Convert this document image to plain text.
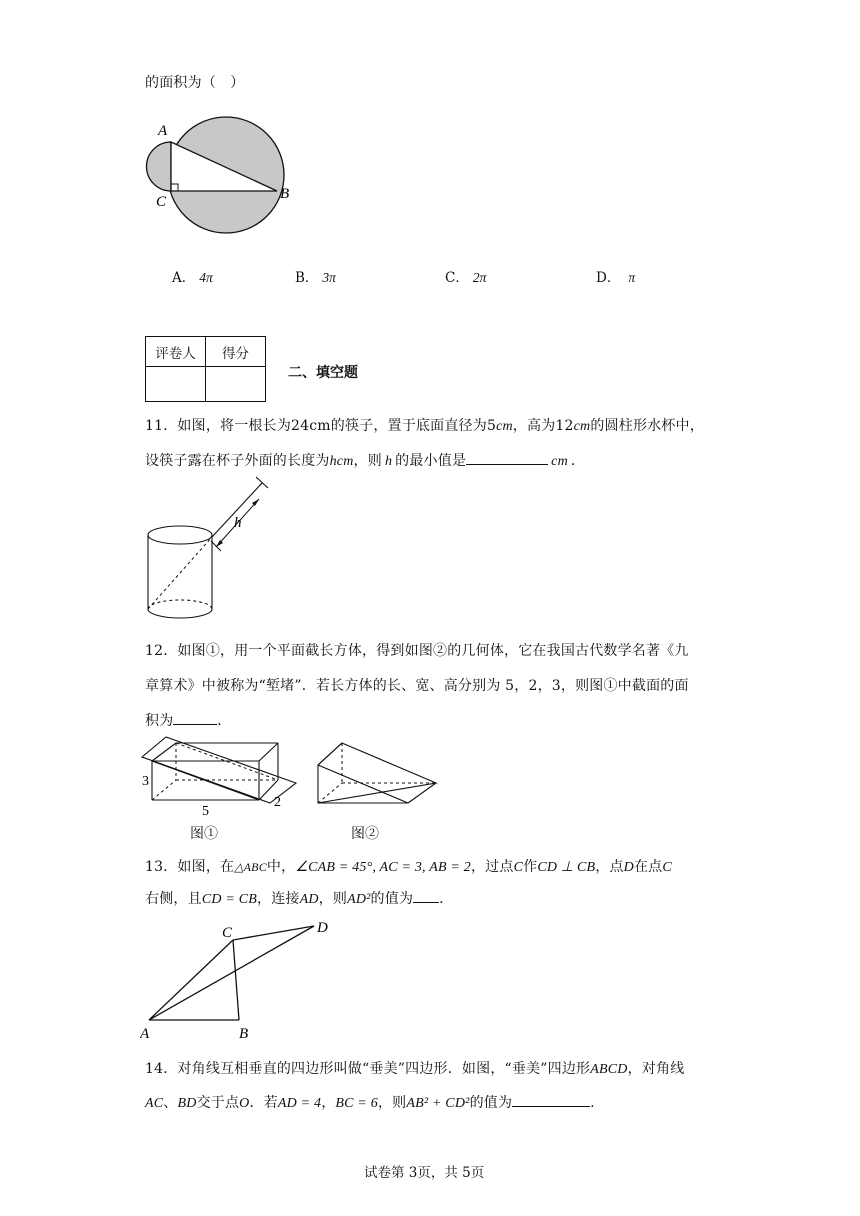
的面积为（　）
A
B
C
A． 4π	B． 3π	C． 2π	D． π
评卷人	得分

二、填空题
11．如图，将一根长为24cm的筷子，置于底面直径为5cm，高为12cm的圆柱形水杯中，
设筷子露在杯子外面的长度为hcm，则 h 的最小值是	cm .
h
12．如图①，用一个平面截长方体，得到如图②的几何体，它在我国古代数学名著《九
章算术》中被称为“堑堵”．若长方体的长、宽、高分别为 5，2，3，则图①中截面的面
积为	．
3
5
2
图①	图②
13．如图，在△ABC中，∠CAB = 45°, AC = 3, AB = 2，过点C作CD ⊥ CB，点D在点C
右侧，且CD = CB，连接AD，则AD²的值为 .
A	B
C	D
14．对角线互相垂直的四边形叫做“垂美”四边形．如图，“垂美”四边形ABCD，对角线
AC、BD交于点O．若AD = 4，BC = 6，则AB² + CD²的值为	.
试卷第 3页，共 5页
